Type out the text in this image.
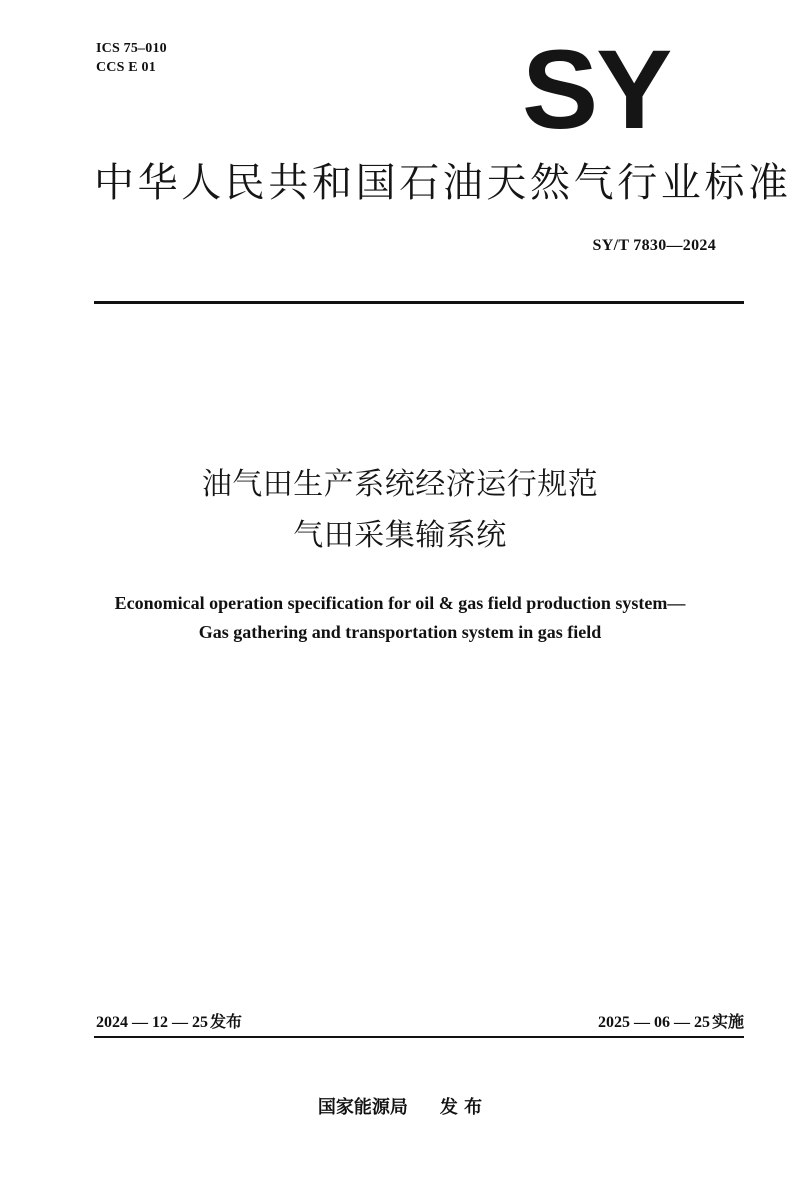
ICS 75–010
CCS E 01	SY
中华人民共和国石油天然气行业标准
SY/T 7830—2024
油气田生产系统经济运行规范
气田采集输系统
Economical operation specification for oil & gas field production system—
Gas gathering and transportation system in gas field
2024 — 12 — 25 发布	2025 — 06 — 25 实施
国家能源局 发 布
